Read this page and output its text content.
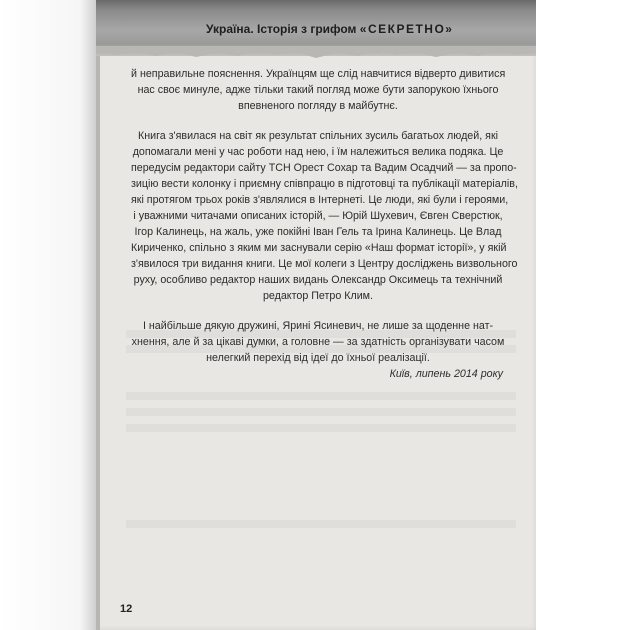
Україна. Історія з грифом «СЕКРЕТНО»
й неправильне пояснення. Українцям ще слід навчитися відверто дивитися
нас своє минуле, адже тільки такий погляд може бути запорукою їхнього
впевненого погляду в майбутнє.
Книга з'явилася на світ як результат спільних зусиль багатьох людей, які
допомагали мені у час роботи над нею, і їм належиться велика подяка. Це
передусім редактори сайту ТСН Орест Сохар та Вадим Осадчий — за пропо-
зицію вести колонку і приємну співпрацю в підготовці та публікації матеріалів,
які протягом трьох років з'являлися в Інтернеті. Це люди, які були і героями,
і уважними читачами описаних історій, — Юрій Шухевич, Євген Сверстюк,
Ігор Калинець, на жаль, уже покійні Іван Гель та Ірина Калинець. Це Влад
Кириченко, спільно з яким ми заснували серію «Наш формат історії», у якій
з'явилося три видання книги. Це мої колеги з Центру досліджень визвольного
руху, особливо редактор наших видань Олександр Оксимець та технічний
редактор Петро Клим.
І найбільше дякую дружині, Ярині Ясиневич, не лише за щоденне нат-
хнення, але й за цікаві думки, а головне — за здатність організувати часом
нелегкий перехід від ідеї до їхньої реалізації.
Київ, липень 2014 року
12
